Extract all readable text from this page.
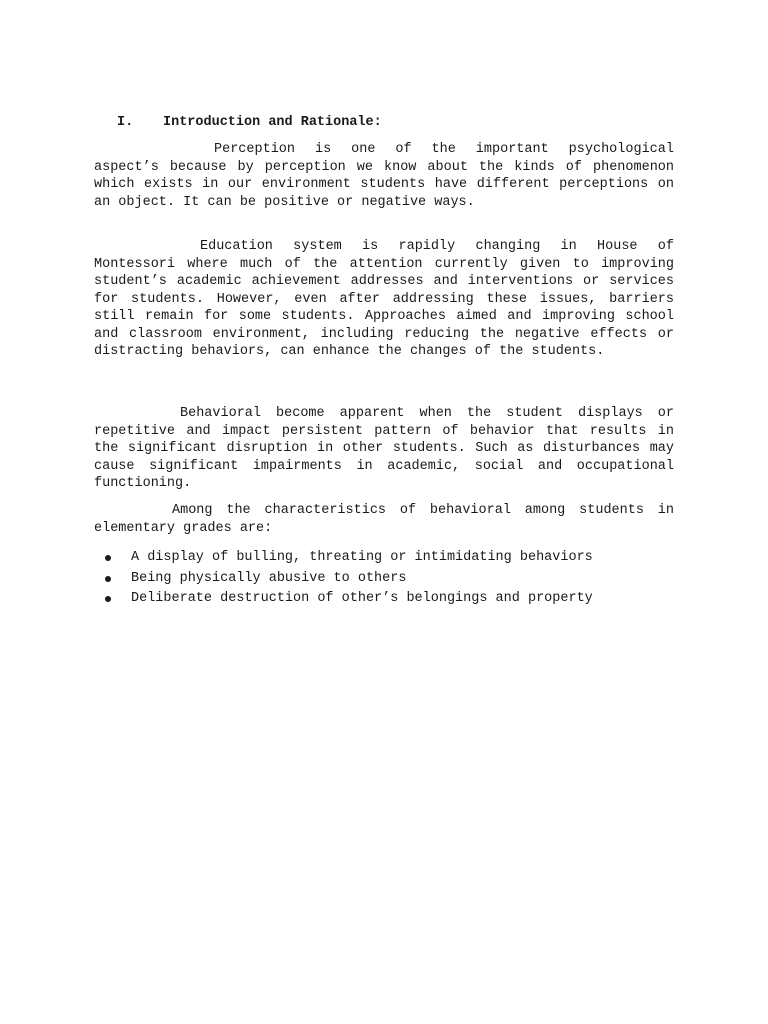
I. Introduction and Rationale:

Perception is one of the important psychological aspect’s because by perception we know about the kinds of phenomenon which exists in our environment students have different perceptions on an object. It can be positive or negative ways.

Education system is rapidly changing in House of Montessori where much of the attention currently given to improving student’s academic achievement addresses and interventions or services for students. However, even after addressing these issues, barriers still remain for some students. Approaches aimed and improving school and classroom environment, including reducing the negative effects or distracting behaviors, can enhance the changes of the students.

Behavioral become apparent when the student displays or repetitive and impact persistent pattern of behavior that results in the significant disruption in other students. Such as disturbances may cause significant impairments in academic, social and occupational functioning.

Among the characteristics of behavioral among students in elementary grades are:

A display of bulling, threating or intimidating behaviors
Being physically abusive to others
Deliberate destruction of other’s belongings and property
